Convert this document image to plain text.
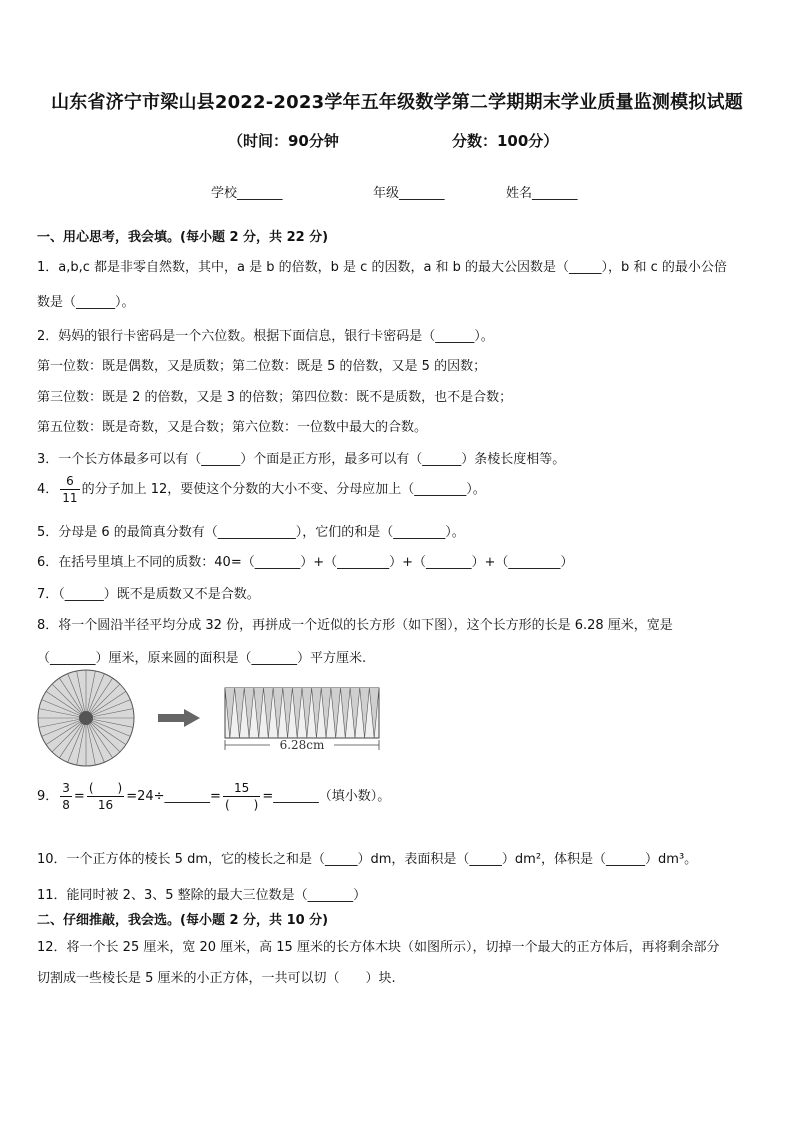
山东省济宁市梁山县2022-2023学年五年级数学第二学期期末学业质量监测模拟试题
（时间：90分钟	分数：100分）
学校_______	年级_______	姓名_______
一、用心思考，我会填。(每小题 2 分，共 22 分)
1．a,b,c 都是非零自然数，其中，a 是 b 的倍数，b 是 c 的因数，a 和 b 的最大公因数是（_____），b 和 c 的最小公倍
数是（______）。
2．妈妈的银行卡密码是一个六位数。根据下面信息，银行卡密码是（______）。
第一位数：既是偶数，又是质数；第二位数：既是 5 的倍数，又是 5 的因数；
第三位数：既是 2 的倍数，又是 3 的倍数；第四位数：既不是质数，也不是合数；
第五位数：既是奇数，又是合数；第六位数：一位数中最大的合数。
3．一个长方体最多可以有（______）个面是正方形，最多可以有（______）条棱长度相等。
4． $\frac{6}{11}$ 的分子加上 12，要使这个分数的大小不变、分母应加上（________）。
5．分母是 6 的最简真分数有（____________），它们的和是（________）。
6．在括号里填上不同的质数：40=（_______）+（________）+（_______）+（________）
7．（______）既不是质数又不是合数。
8．将一个圆沿半径平均分成 32 份，再拼成一个近似的长方形（如下图），这个长方形的长是 6.28 厘米，宽是
（_______）厘米，原来圆的面积是（_______）平方厘米.
6.28cm
9． $\frac{3}{8} = \frac{( )}{16}$ =24÷_______= $\frac{15}{( )}$ =_______（填小数）。
10．一个正方体的棱长 5 dm，它的棱长之和是（_____）dm，表面积是（_____）dm²，体积是（______）dm³。
11．能同时被 2、3、5 整除的最大三位数是（_______）
二、仔细推敲，我会选。(每小题 2 分，共 10 分)
12．将一个长 25 厘米，宽 20 厘米，高 15 厘米的长方体木块（如图所示），切掉一个最大的正方体后，再将剩余部分
切割成一些棱长是 5 厘米的小正方体，一共可以切（　　）块.
